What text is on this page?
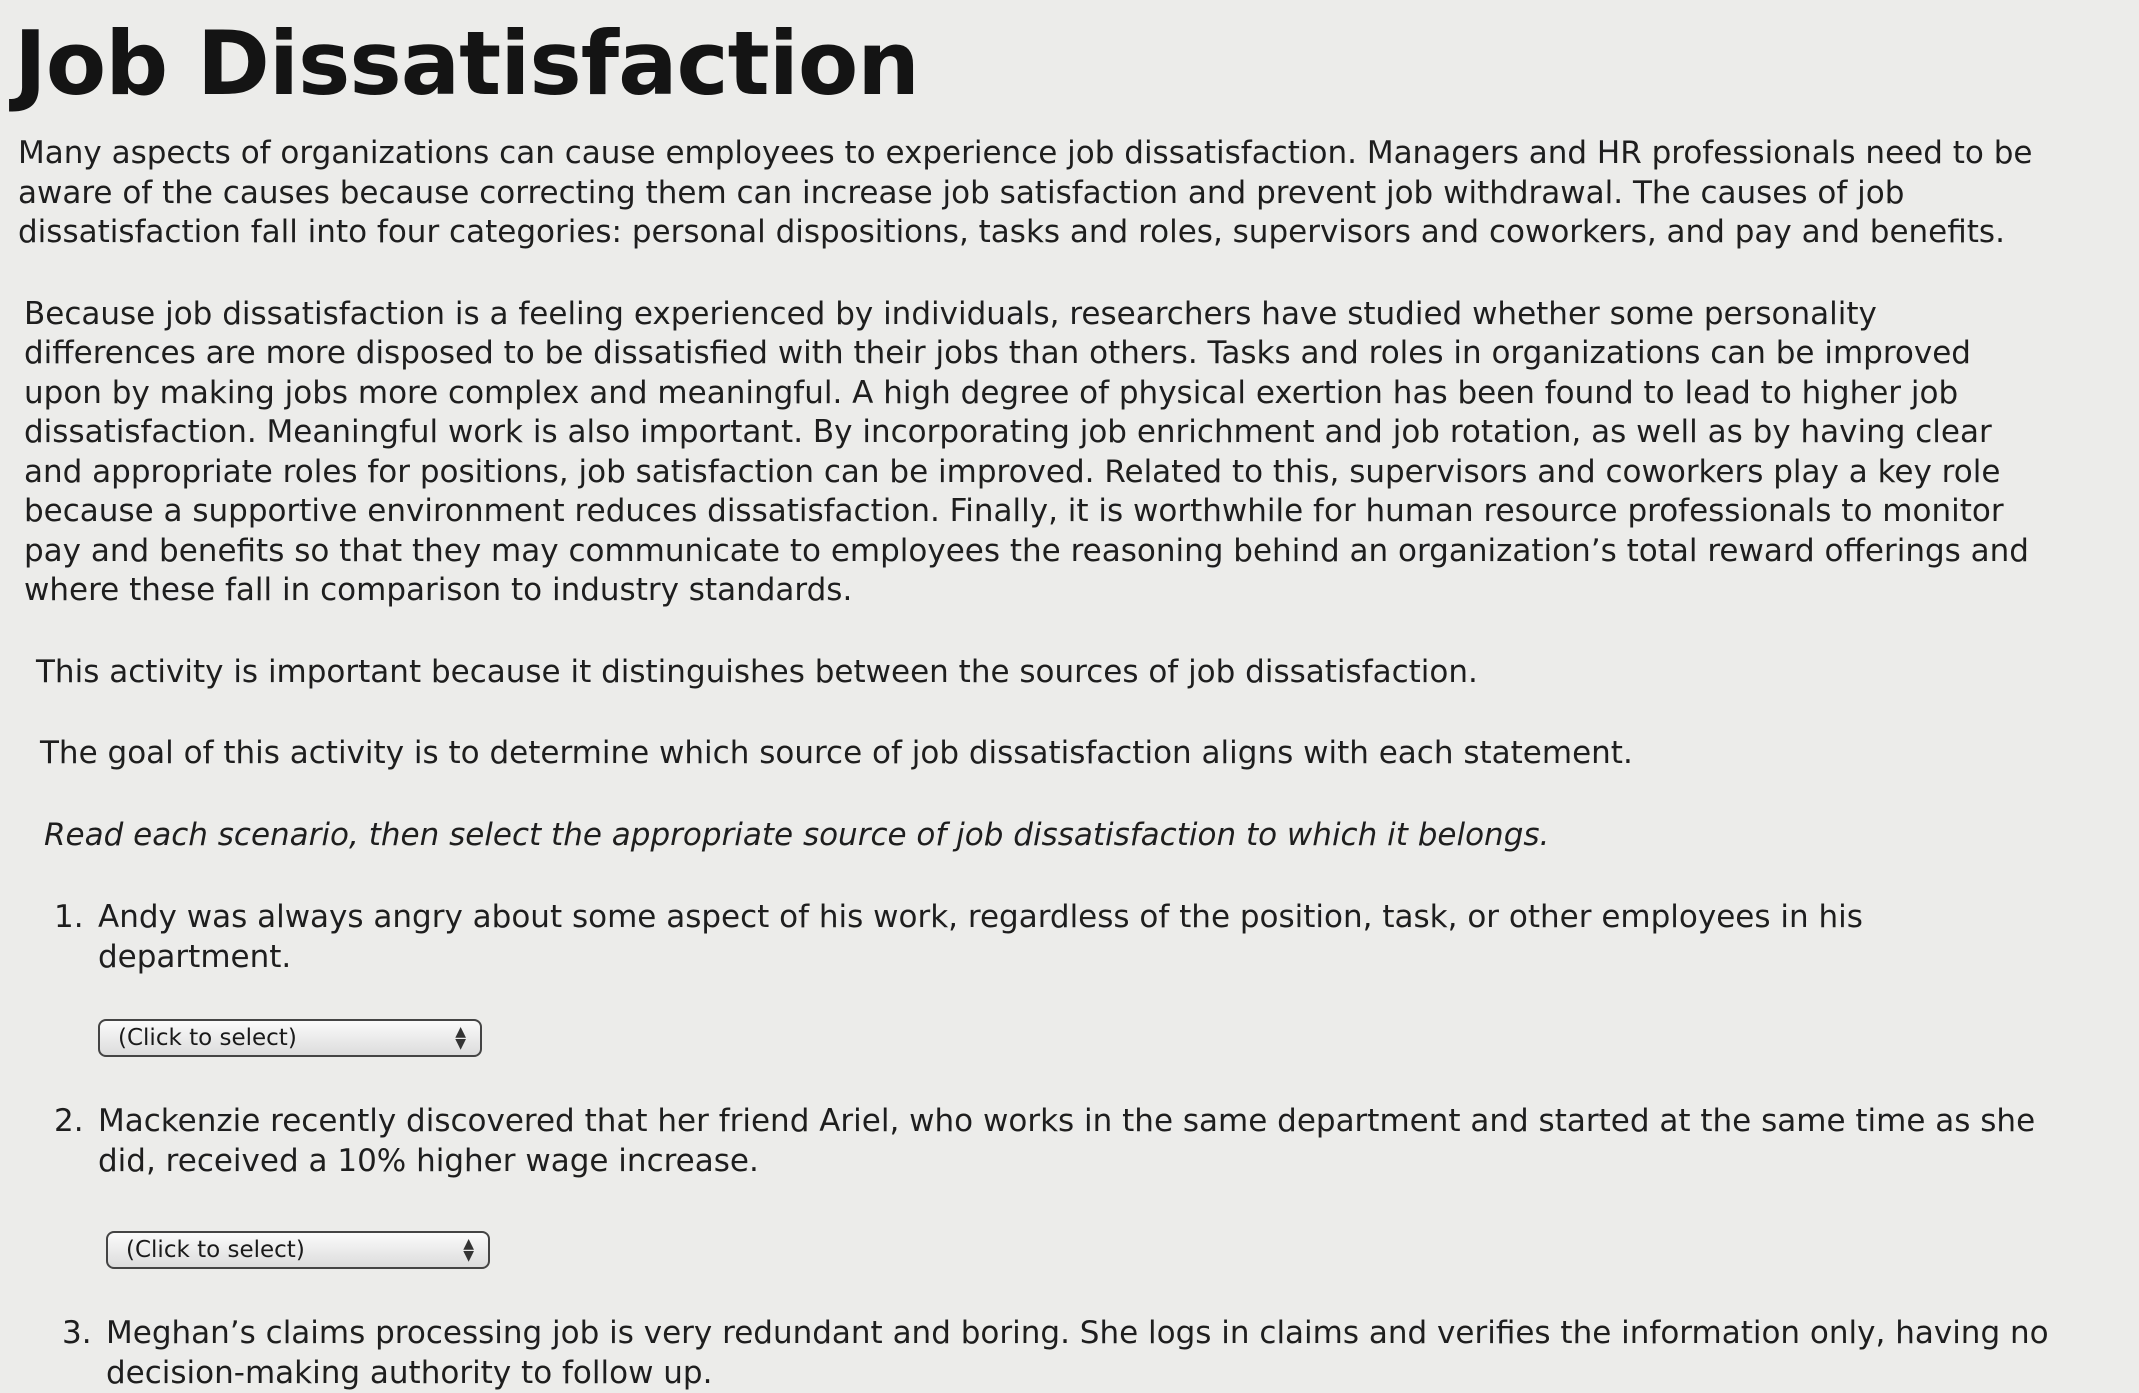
Job Dissatisfaction

Many aspects of organizations can cause employees to experience job dissatisfaction. Managers and HR professionals need to be aware of the causes because correcting them can increase job satisfaction and prevent job withdrawal. The causes of job dissatisfaction fall into four categories: personal dispositions, tasks and roles, supervisors and coworkers, and pay and benefits.

Because job dissatisfaction is a feeling experienced by individuals, researchers have studied whether some personality differences are more disposed to be dissatisfied with their jobs than others. Tasks and roles in organizations can be improved upon by making jobs more complex and meaningful. A high degree of physical exertion has been found to lead to higher job dissatisfaction. Meaningful work is also important. By incorporating job enrichment and job rotation, as well as by having clear and appropriate roles for positions, job satisfaction can be improved. Related to this, supervisors and coworkers play a key role because a supportive environment reduces dissatisfaction. Finally, it is worthwhile for human resource professionals to monitor pay and benefits so that they may communicate to employees the reasoning behind an organization’s total reward offerings and where these fall in comparison to industry standards.

This activity is important because it distinguishes between the sources of job dissatisfaction.

The goal of this activity is to determine which source of job dissatisfaction aligns with each statement.

Read each scenario, then select the appropriate source of job dissatisfaction to which it belongs.

1. Andy was always angry about some aspect of his work, regardless of the position, task, or other employees in his department.
(Click to select)	▲
▼
2. Mackenzie recently discovered that her friend Ariel, who works in the same department and started at the same time as she did, received a 10% higher wage increase.
(Click to select)	▲
▼
3. Meghan’s claims processing job is very redundant and boring. She logs in claims and verifies the information only, having no decision-making authority to follow up.
